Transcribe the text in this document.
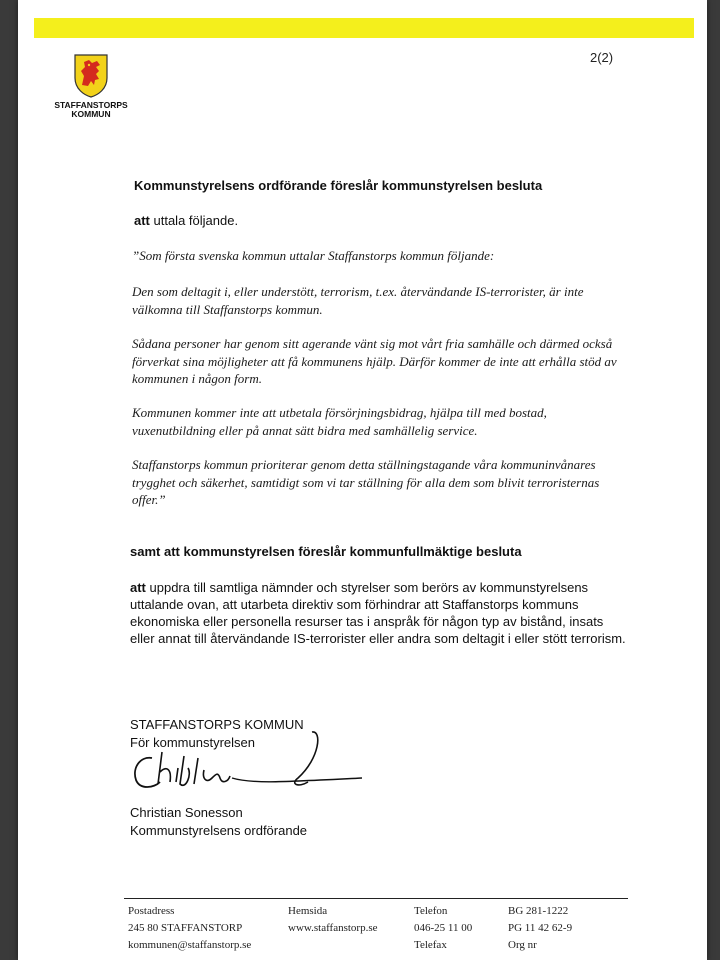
2(2)
STAFFANSTORPS
KOMMUN
Kommunstyrelsens ordförande föreslår kommunstyrelsen besluta
att uttala följande.
”Som första svenska kommun uttalar Staffanstorps kommun följande:
Den som deltagit i, eller understött, terrorism, t.ex. återvändande IS-terrorister, är inte välkomna till Staffanstorps kommun.
Sådana personer har genom sitt agerande vänt sig mot vårt fria samhälle och därmed också förverkat sina möjligheter att få kommunens hjälp. Därför kommer de inte att erhålla stöd av kommunen i någon form.
Kommunen kommer inte att utbetala försörjningsbidrag, hjälpa till med bostad, vuxenutbildning eller på annat sätt bidra med samhällelig service.
Staffanstorps kommun prioriterar genom detta ställningstagande våra kommuninvånares trygghet och säkerhet, samtidigt som vi tar ställning för alla dem som blivit terroristernas offer.”
samt att kommunstyrelsen föreslår kommunfullmäktige besluta
att uppdra till samtliga nämnder och styrelser som berörs av kommunstyrelsens uttalande ovan, att utarbeta direktiv som förhindrar att Staffanstorps kommuns ekonomiska eller personella resurser tas i anspråk för någon typ av bistånd, insats eller annat till återvändande IS-terrorister eller andra som deltagit i eller stött terrorism.
STAFFANSTORPS KOMMUN
För kommunstyrelsen
Christian Sonesson
Kommunstyrelsens ordförande
Postadress
245 80 STAFFANSTORP
kommunen@staffanstorp.se
Hemsida
www.staffanstorp.se
Telefon
046-25 11 00
Telefax
BG 281-1222
PG 11 42 62-9
Org nr
